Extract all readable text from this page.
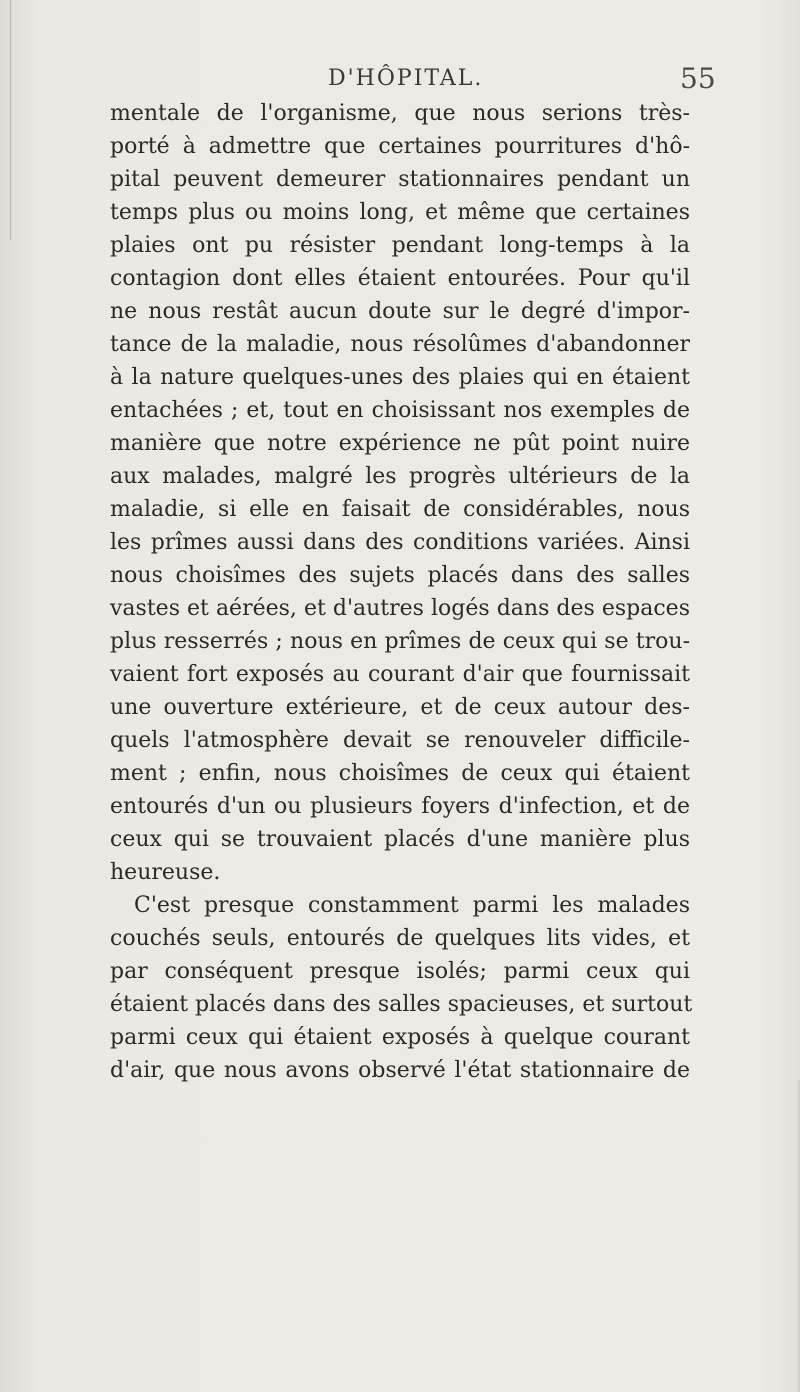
D'HÔPITAL.	55
mentale de l'organisme, que nous serions très-
porté à admettre que certaines pourritures d'hô-
pital peuvent demeurer stationnaires pendant un
temps plus ou moins long, et même que certaines
plaies ont pu résister pendant long-temps à la
contagion dont elles étaient entourées. Pour qu'il
ne nous restât aucun doute sur le degré d'impor-
tance de la maladie, nous résolûmes d'abandonner
à la nature quelques-unes des plaies qui en étaient
entachées ; et, tout en choisissant nos exemples de
manière que notre expérience ne pût point nuire
aux malades, malgré les progrès ultérieurs de la
maladie, si elle en faisait de considérables, nous
les prîmes aussi dans des conditions variées. Ainsi
nous choisîmes des sujets placés dans des salles
vastes et aérées, et d'autres logés dans des espaces
plus resserrés ; nous en prîmes de ceux qui se trou-
vaient fort exposés au courant d'air que fournissait
une ouverture extérieure, et de ceux autour des-
quels l'atmosphère devait se renouveler difficile-
ment ; enfin, nous choisîmes de ceux qui étaient
entourés d'un ou plusieurs foyers d'infection, et de
ceux qui se trouvaient placés d'une manière plus
heureuse.
C'est presque constamment parmi les malades
couchés seuls, entourés de quelques lits vides, et
par conséquent presque isolés; parmi ceux qui
étaient placés dans des salles spacieuses, et surtout
parmi ceux qui étaient exposés à quelque courant
d'air, que nous avons observé l'état stationnaire de
